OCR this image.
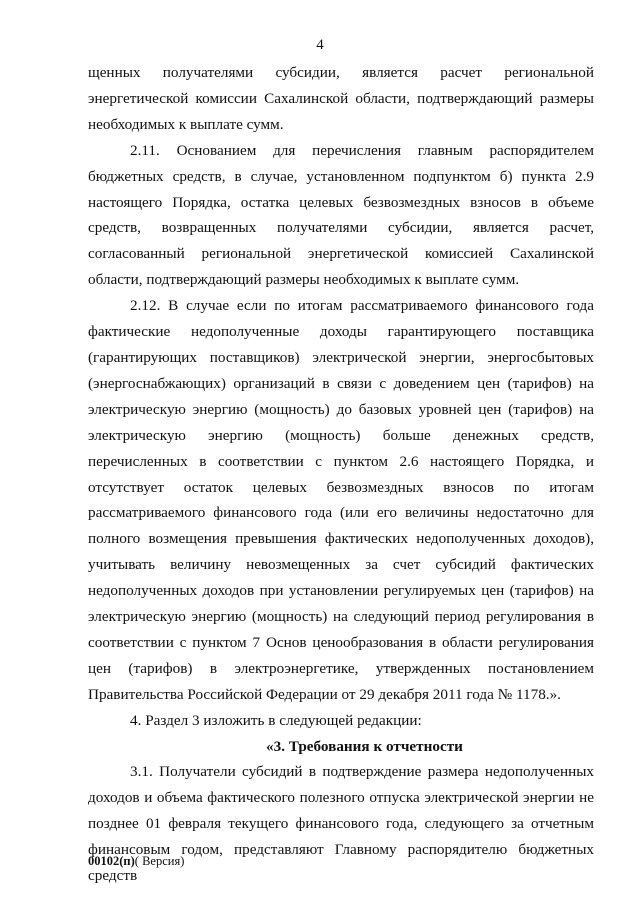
4

щенных получателями субсидии, является расчет региональной энергетической комиссии Сахалинской области, подтверждающий размеры необходимых к выплате сумм.

2.11. Основанием для перечисления главным распорядителем бюджетных средств, в случае, установленном подпунктом б) пункта 2.9 настоящего Порядка, остатка целевых безвозмездных взносов в объеме средств, возвращенных получателями субсидии, является расчет, согласованный региональной энергетической комиссией Сахалинской области, подтверждающий размеры необходимых к выплате сумм.

2.12. В случае если по итогам рассматриваемого финансового года фактические недополученные доходы гарантирующего поставщика (гарантирующих поставщиков) электрической энергии, энергосбытовых (энергоснабжающих) организаций в связи с доведением цен (тарифов) на электрическую энергию (мощность) до базовых уровней цен (тарифов) на электрическую энергию (мощность) больше денежных средств, перечисленных в соответствии с пунктом 2.6 настоящего Порядка, и отсутствует остаток целевых безвозмездных взносов по итогам рассматриваемого финансового года (или его величины недостаточно для полного возмещения превышения фактических недополученных доходов), учитывать величину невозмещенных за счет субсидий фактических недополученных доходов при установлении регулируемых цен (тарифов) на электрическую энергию (мощность) на следующий период регулирования в соответствии с пунктом 7 Основ ценообразования в области регулирования цен (тарифов) в электроэнергетике, утвержденных постановлением Правительства Российской Федерации от 29 декабря 2011 года № 1178.».

4. Раздел 3 изложить в следующей редакции:

«3. Требования к отчетности

3.1. Получатели субсидий в подтверждение размера недополученных доходов и объема фактического полезного отпуска электрической энергии не позднее 01 февраля текущего финансового года, следующего за отчетным финансовым годом, представляют Главному распорядителю бюджетных средств

00102(п)( Версия)
